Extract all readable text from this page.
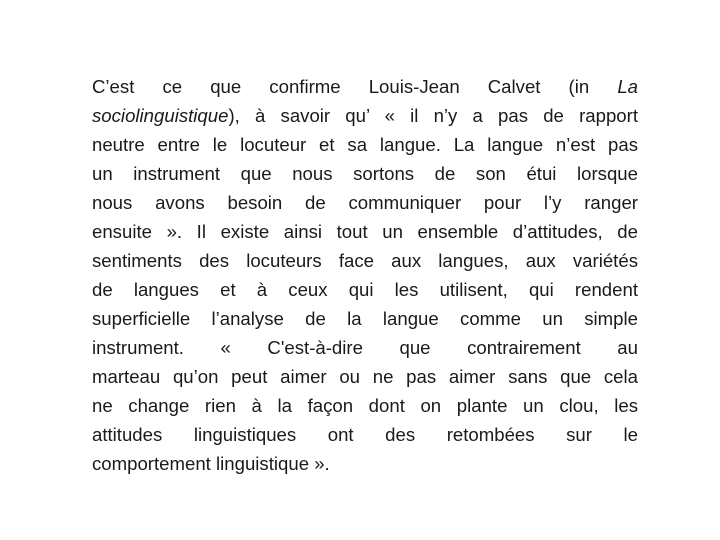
C’est ce que confirme Louis-Jean Calvet (in La
sociolinguistique), à savoir qu’ « il n’y a pas de rapport
neutre entre le locuteur et sa langue. La langue n’est pas
un instrument que nous sortons de son étui lorsque
nous avons besoin de communiquer pour l’y ranger
ensuite ». Il existe ainsi tout un ensemble d’attitudes, de
sentiments des locuteurs face aux langues, aux variétés
de langues et à ceux qui les utilisent, qui rendent
superficielle l’analyse de la langue comme un simple
instrument. « C'est-à-dire que contrairement au
marteau qu’on peut aimer ou ne pas aimer sans que cela
ne change rien à la façon dont on plante un clou, les
attitudes linguistiques ont des retombées sur le
comportement linguistique ».
